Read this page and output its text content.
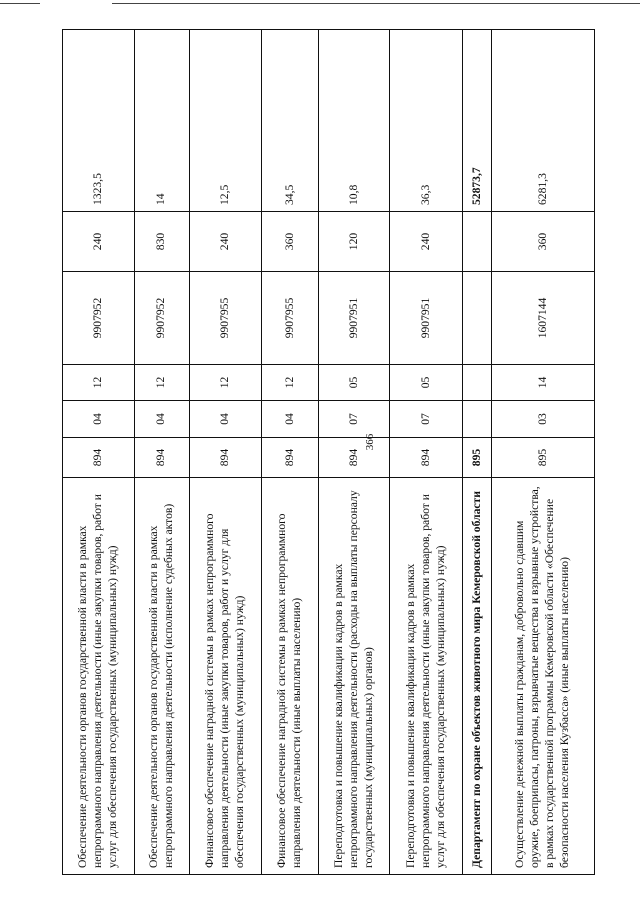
366
Обеспечение деятельности органов государственной власти в рамках непрограммного направления деятельности (иные закупки товаров, работ и услуг для обеспечения государственных (муниципальных) нужд)	894	04	12	9907952	240	1323,5
Обеспечение деятельности органов государственной власти в рамках непрограммного направления деятельности (исполнение судебных актов)	894	04	12	9907952	830	14
Финансовое обеспечение наградной системы в рамках непрограммного направления деятельности (иные закупки товаров, работ и услуг для обеспечения государственных (муниципальных) нужд)	894	04	12	9907955	240	12,5
Финансовое обеспечение наградной системы в рамках непрограммного направления деятельности (иные выплаты населению)	894	04	12	9907955	360	34,5
Переподготовка и повышение квалификации кадров в рамках непрограммного направления деятельности (расходы на выплаты персоналу государственных (муниципальных) органов)	894	07	05	9907951	120	10,8
Переподготовка и повышение квалификации кадров в рамках непрограммного направления деятельности (иные закупки товаров, работ и услуг для обеспечения государственных (муниципальных) нужд)	894	07	05	9907951	240	36,3
Департамент по охране объектов животного мира Кемеровской области	895					52873,7
Осуществление денежной выплаты гражданам, добровольно сдавшим оружие, боеприпасы, патроны, взрывчатые вещества и взрывные устройства, в рамках государственной программы Кемеровской области «Обеспечение безопасности населения Кузбасса» (иные выплаты населению)	895	03	14	1607144	360	6281,3
